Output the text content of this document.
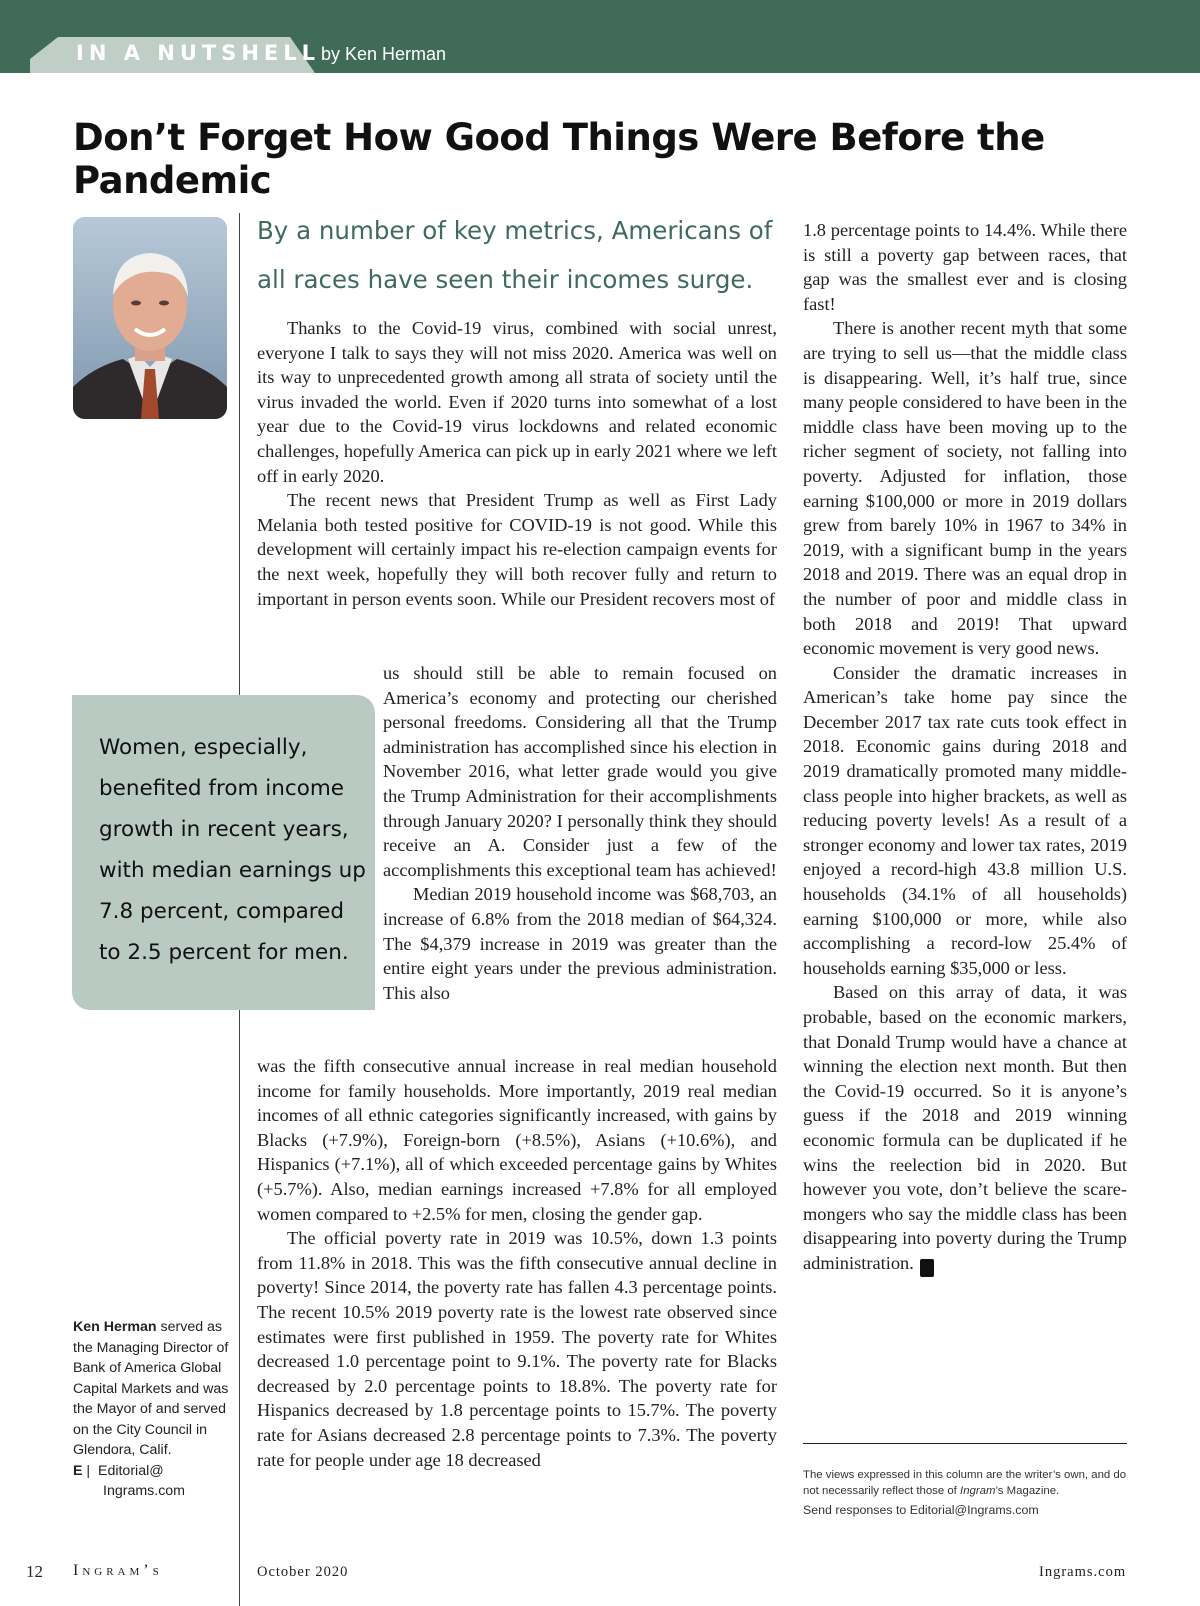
IN A NUTSHELL by Ken Herman
Don’t Forget How Good Things Were Before the Pandemic
By a number of key metrics, Americans of all races have seen their incomes surge.

Thanks to the Covid-19 virus, combined with social unrest, everyone I talk to says they will not miss 2020. America was well on its way to unprecedented growth among all strata of society until the virus invaded the world. Even if 2020 turns into somewhat of a lost year due to the Covid-19 virus lockdowns and related economic challenges, hopefully America can pick up in early 2021 where we left off in early 2020.

The recent news that President Trump as well as First Lady Melania both tested positive for COVID-19 is not good. While this development will certainly impact his re-election campaign events for the next week, hopefully they will both recover fully and return to important in person events soon. While our President recovers most of

Women, especially, benefited from income growth in recent years, with median earnings up 7.8 percent, compared to 2.5 percent for men.

us should still be able to remain focused on America’s economy and protecting our cherished personal freedoms. Considering all that the Trump administration has accomplished since his election in November 2016, what letter grade would you give the Trump Administration for their accomplishments through January 2020? I personally think they should receive an A. Consider just a few of the accomplishments this exceptional team has achieved!

Median 2019 household income was $68,703, an increase of 6.8% from the 2018 median of $64,324. The $4,379 increase in 2019 was greater than the entire eight years under the previous administration. This also

was the fifth consecutive annual increase in real median household income for family households. More importantly, 2019 real median incomes of all ethnic categories significantly increased, with gains by Blacks (+7.9%), Foreign-born (+8.5%), Asians (+10.6%), and Hispanics (+7.1%), all of which exceeded percentage gains by Whites (+5.7%). Also, median earnings increased +7.8% for all employed women compared to +2.5% for men, closing the gender gap.

The official poverty rate in 2019 was 10.5%, down 1.3 points from 11.8% in 2018. This was the fifth consecutive annual decline in poverty! Since 2014, the poverty rate has fallen 4.3 percentage points. The recent 10.5% 2019 poverty rate is the lowest rate observed since estimates were first published in 1959. The poverty rate for Whites decreased 1.0 percentage point to 9.1%. The poverty rate for Blacks decreased by 2.0 percentage points to 18.8%. The poverty rate for Hispanics decreased by 1.8 percentage points to 15.7%. The poverty rate for Asians decreased 2.8 percentage points to 7.3%. The poverty rate for people under age 18 decreased

1.8 percentage points to 14.4%. While there is still a poverty gap between races, that gap was the smallest ever and is closing fast!

There is another recent myth that some are trying to sell us—that the middle class is disappearing. Well, it’s half true, since many people considered to have been in the middle class have been moving up to the richer segment of society, not falling into poverty. Adjusted for inflation, those earning $100,000 or more in 2019 dollars grew from barely 10% in 1967 to 34% in 2019, with a significant bump in the years 2018 and 2019. There was an equal drop in the number of poor and middle class in both 2018 and 2019! That upward economic movement is very good news.

Consider the dramatic increases in American’s take home pay since the December 2017 tax rate cuts took effect in 2018. Economic gains during 2018 and 2019 dramatically promoted many middle-class people into higher brackets, as well as reducing poverty levels! As a result of a stronger economy and lower tax rates, 2019 enjoyed a record-high 43.8 million U.S. households (34.1% of all households) earning $100,000 or more, while also accomplishing a record-low 25.4% of households earning $35,000 or less.

Based on this array of data, it was probable, based on the economic markers, that Donald Trump would have a chance at winning the election next month. But then the Covid-19 occurred. So it is anyone’s guess if the 2018 and 2019 winning economic formula can be duplicated if he wins the reelection bid in 2020. But however you vote, don’t believe the scare-mongers who say the middle class has been disappearing into poverty during the Trump administration.	I

Ken Herman served as the Managing Director of Bank of America Global Capital Markets and was the Mayor of and served on the City Council in Glendora, Calif.
E |  Editorial@
Ingrams.com
The views expressed in this column are the writer’s own, and do not necessarily reflect those of Ingram’s Magazine.
Send responses to Editorial@Ingrams.com
12 Ingram’s	October 2020	Ingrams.com
